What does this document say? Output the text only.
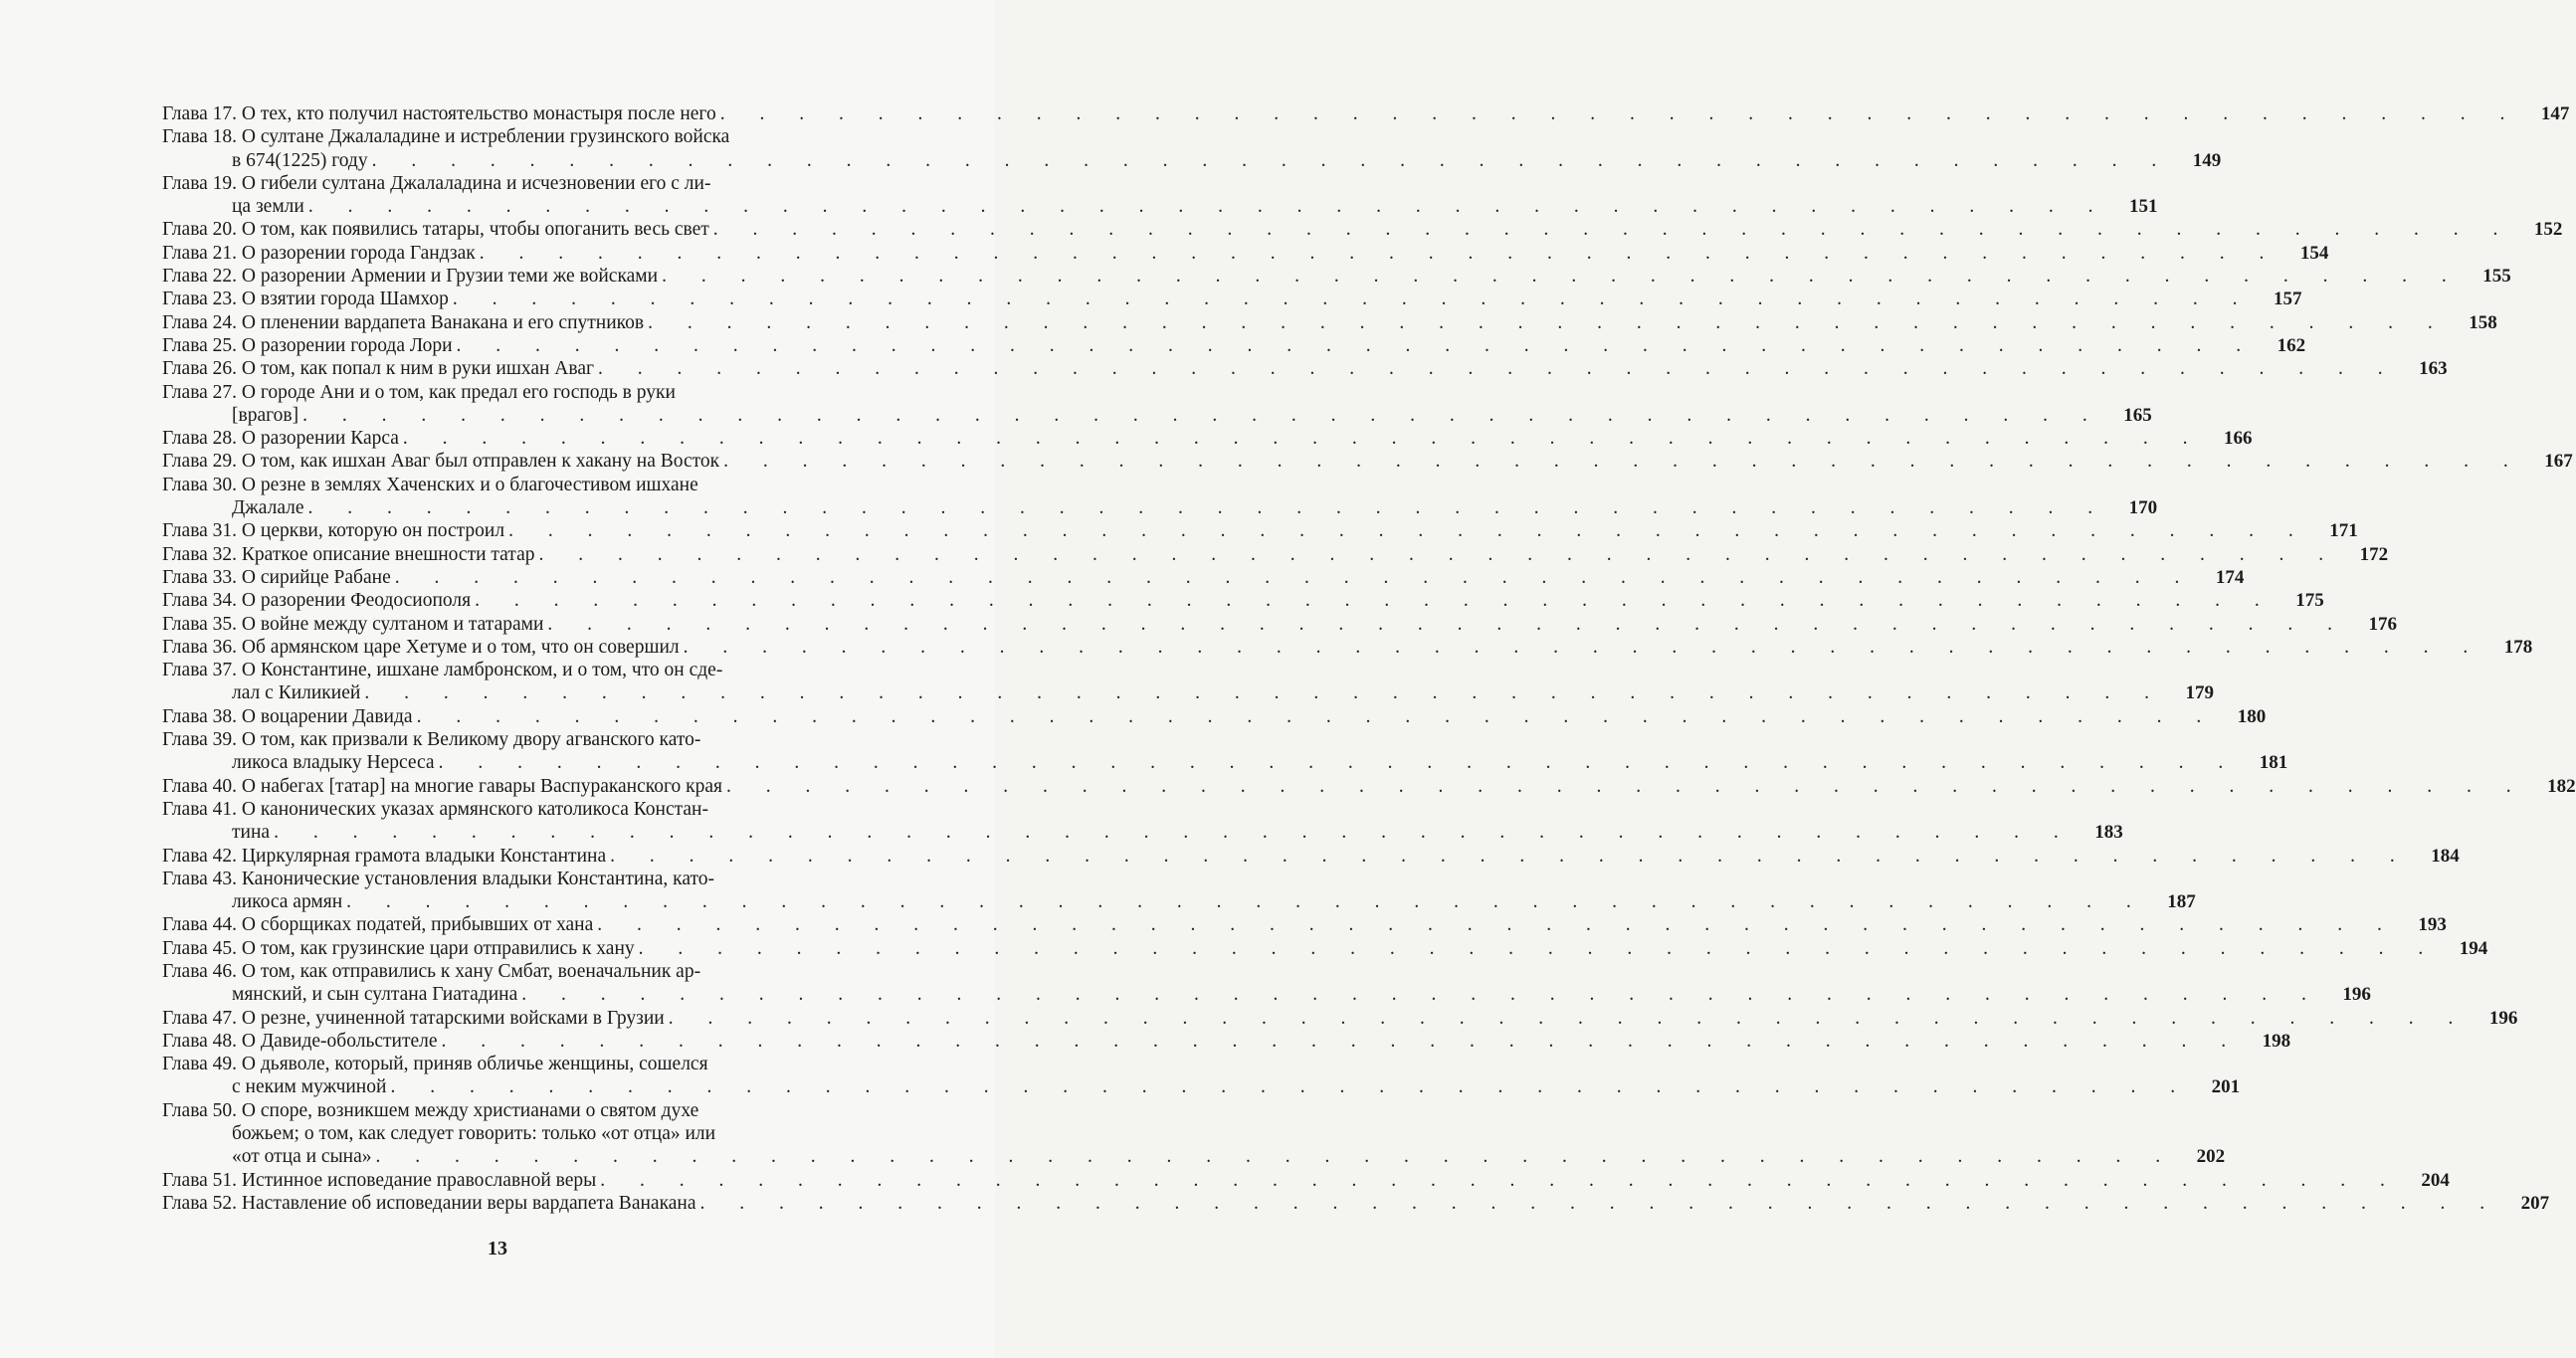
Глава 17. О тех, кто получил настоятельство монастыря после него . . . . . . . . . . . . . . . . . . . . . . . . . . . . . . . . . . . . . . . . . . . . . .	147
Глава 18. О султане Джалаладине и истреблении грузинского войска
в 674(1225) году . . . . . . . . . . . . . . . . . . . . . . . . . . . . . . . . . . . . . . . . . . . . . .	149
Глава 19. О гибели султана Джалаладина и исчезновении его с ли-
ца земли . . . . . . . . . . . . . . . . . . . . . . . . . . . . . . . . . . . . . . . . . . . . . .	151
Глава 20. О том, как появились татары, чтобы опоганить весь свет . . . . . . . . . . . . . . . . . . . . . . . . . . . . . . . . . . . . . . . . . . . . . .	152
Глава 21. О разорении города Гандзак . . . . . . . . . . . . . . . . . . . . . . . . . . . . . . . . . . . . . . . . . . . . . .	154
Глава 22. О разорении Армении и Грузии теми же войсками . . . . . . . . . . . . . . . . . . . . . . . . . . . . . . . . . . . . . . . . . . . . . .	155
Глава 23. О взятии города Шамхор . . . . . . . . . . . . . . . . . . . . . . . . . . . . . . . . . . . . . . . . . . . . . .	157
Глава 24. О пленении вардапета Ванакана и его спутников . . . . . . . . . . . . . . . . . . . . . . . . . . . . . . . . . . . . . . . . . . . . . .	158
Глава 25. О разорении города Лори . . . . . . . . . . . . . . . . . . . . . . . . . . . . . . . . . . . . . . . . . . . . . .	162
Глава 26. О том, как попал к ним в руки ишхан Аваг . . . . . . . . . . . . . . . . . . . . . . . . . . . . . . . . . . . . . . . . . . . . . .	163
Глава 27. О городе Ани и о том, как предал его господь в руки
[врагов] . . . . . . . . . . . . . . . . . . . . . . . . . . . . . . . . . . . . . . . . . . . . . .	165
Глава 28. О разорении Карса . . . . . . . . . . . . . . . . . . . . . . . . . . . . . . . . . . . . . . . . . . . . . .	166
Глава 29. О том, как ишхан Аваг был отправлен к хакану на Восток . . . . . . . . . . . . . . . . . . . . . . . . . . . . . . . . . . . . . . . . . . . . . .	167
Глава 30. О резне в землях Хаченских и о благочестивом ишхане
Джалале . . . . . . . . . . . . . . . . . . . . . . . . . . . . . . . . . . . . . . . . . . . . . .	170
Глава 31. О церкви, которую он построил . . . . . . . . . . . . . . . . . . . . . . . . . . . . . . . . . . . . . . . . . . . . . .	171
Глава 32. Краткое описание внешности татар . . . . . . . . . . . . . . . . . . . . . . . . . . . . . . . . . . . . . . . . . . . . . .	172
Глава 33. О сирийце Рабане . . . . . . . . . . . . . . . . . . . . . . . . . . . . . . . . . . . . . . . . . . . . . .	174
Глава 34. О разорении Феодосиополя . . . . . . . . . . . . . . . . . . . . . . . . . . . . . . . . . . . . . . . . . . . . . .	175
Глава 35. О войне между султаном и татарами . . . . . . . . . . . . . . . . . . . . . . . . . . . . . . . . . . . . . . . . . . . . . .	176
Глава 36. Об армянском царе Хетуме и о том, что он совершил . . . . . . . . . . . . . . . . . . . . . . . . . . . . . . . . . . . . . . . . . . . . . .	178
Глава 37. О Константине, ишхане ламбронском, и о том, что он сде-
лал с Киликией . . . . . . . . . . . . . . . . . . . . . . . . . . . . . . . . . . . . . . . . . . . . . .	179
Глава 38. О воцарении Давида . . . . . . . . . . . . . . . . . . . . . . . . . . . . . . . . . . . . . . . . . . . . . .	180
Глава 39. О том, как призвали к Великому двору агванского като-
ликоса владыку Нерсеса . . . . . . . . . . . . . . . . . . . . . . . . . . . . . . . . . . . . . . . . . . . . . .	181
Глава 40. О набегах [татар] на многие гавары Васпураканского края . . . . . . . . . . . . . . . . . . . . . . . . . . . . . . . . . . . . . . . . . . . . . .	182
Глава 41. О канонических указах армянского католикоса Констан-
тина . . . . . . . . . . . . . . . . . . . . . . . . . . . . . . . . . . . . . . . . . . . . . .	183
Глава 42. Циркулярная грамота владыки Константина . . . . . . . . . . . . . . . . . . . . . . . . . . . . . . . . . . . . . . . . . . . . . .	184
Глава 43. Канонические установления владыки Константина, като-
ликоса армян . . . . . . . . . . . . . . . . . . . . . . . . . . . . . . . . . . . . . . . . . . . . . .	187
Глава 44. О сборщиках податей, прибывших от хана . . . . . . . . . . . . . . . . . . . . . . . . . . . . . . . . . . . . . . . . . . . . . .	193
Глава 45. О том, как грузинские цари отправились к хану . . . . . . . . . . . . . . . . . . . . . . . . . . . . . . . . . . . . . . . . . . . . . .	194
Глава 46. О том, как отправились к хану Смбат, военачальник ар-
мянский, и сын султана Гиатадина . . . . . . . . . . . . . . . . . . . . . . . . . . . . . . . . . . . . . . . . . . . . . .	196
Глава 47. О резне, учиненной татарскими войсками в Грузии . . . . . . . . . . . . . . . . . . . . . . . . . . . . . . . . . . . . . . . . . . . . . .	196
Глава 48. О Давиде-обольстителе . . . . . . . . . . . . . . . . . . . . . . . . . . . . . . . . . . . . . . . . . . . . . .	198
Глава 49. О дьяволе, который, приняв обличье женщины, сошелся
с неким мужчиной . . . . . . . . . . . . . . . . . . . . . . . . . . . . . . . . . . . . . . . . . . . . . .	201
Глава 50. О споре, возникшем между христианами о святом духе
божьем; о том, как следует говорить: только «от отца» или
«от отца и сына» . . . . . . . . . . . . . . . . . . . . . . . . . . . . . . . . . . . . . . . . . . . . . .	202
Глава 51. Истинное исповедание православной веры . . . . . . . . . . . . . . . . . . . . . . . . . . . . . . . . . . . . . . . . . . . . . .	204
Глава 52. Наставление об исповедании веры вардапета Ванакана . . . . . . . . . . . . . . . . . . . . . . . . . . . . . . . . . . . . . . . . . . . . . .	207
13
